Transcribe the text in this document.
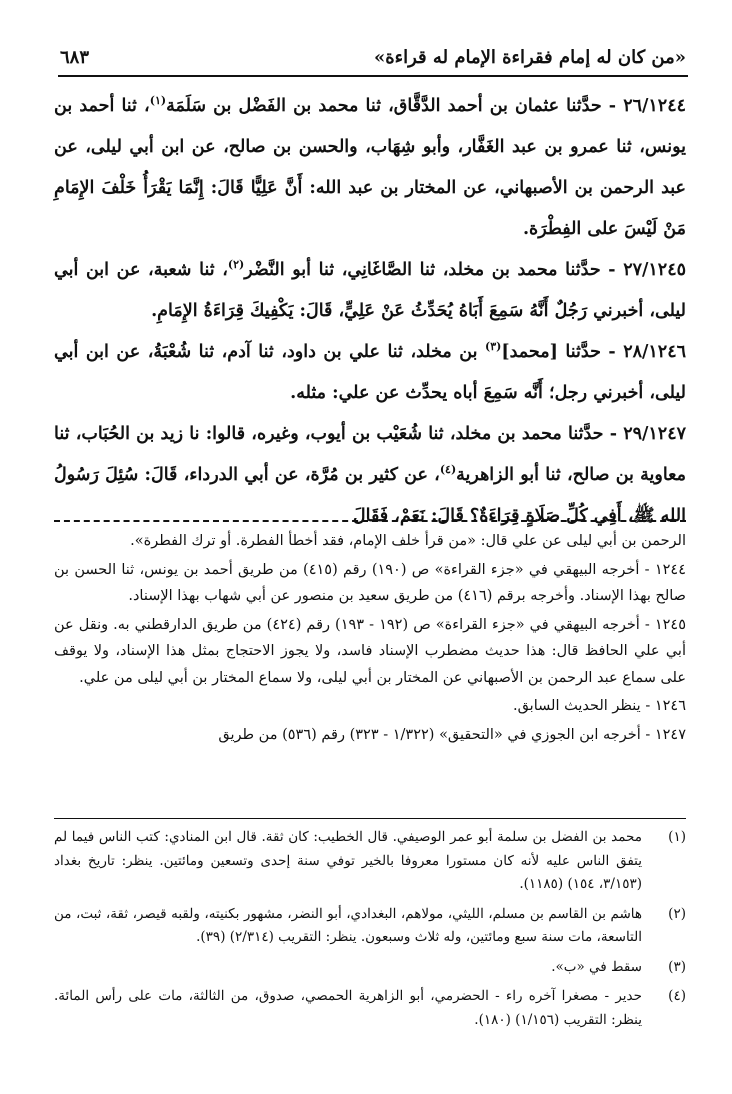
«من كان له إمام فقراءة الإمام له قراءة»
٦٨٣

٢٦/١٢٤٤ - حدَّثنا عثمان بن أحمد الدَّقَّاق، ثنا محمد بن الفَضْل بن سَلَمَة$^{(١)}$، ثنا أحمد بن يونس، ثنا عمرو بن عبد الغَفَّار، وأبو شِهَاب، والحسن بن صالح، عن ابن أبي ليلى، عن عبد الرحمن بن الأصبهاني، عن المختار بن عبد الله: أَنَّ عَلِيًّا قَالَ: إِنَّمَا يَقْرَأُ خَلْفَ الإِمَامِ مَنْ لَيْسَ على الفِطْرَة.

٢٧/١٢٤٥ - حدَّثنا محمد بن مخلد، ثنا الصَّاغَانِي، ثنا أبو النَّضْر$^{(٢)}$، ثنا شعبة، عن ابن أبي ليلى، أخبرني رَجُلٌ أَنَّهُ سَمِعَ أَبَاهُ يُحَدِّثُ عَنْ عَلِيٍّ، قَالَ: يَكْفِيكَ قِرَاءَةُ الإِمَامِ.

٢٨/١٢٤٦ - حدَّثنا [محمد]$^{(٣)}$ بن مخلد، ثنا علي بن داود، ثنا آدم، ثنا شُعْبَةُ، عن ابن أبي ليلى، أخبرني رجل؛ أَنَّه سَمِعَ أباه يحدِّث عن علي: مثله.

٢٩/١٢٤٧ - حدَّثنا محمد بن مخلد، ثنا شُعَيْب بن أيوب، وغيره، قالوا: نا زيد بن الحُبَاب، ثنا معاوية بن صالح، ثنا أبو الزاهرية$^{(٤)}$، عن كثير بن مُرَّة، عن أبي الدرداء، قَالَ: سُئِلَ رَسُولُ الله ﷺ، أَفِي كُلِّ صَلَاةٍ قِرَاءَةٌ؟ قَالَ: نَعَمْ، فَقَالَ

الرحمن بن أبي ليلى عن علي قال: «من قرأ خلف الإمام، فقد أخطأ الفطرة. أو ترك الفطرة».

١٢٤٤ - أخرجه البيهقي في «جزء القراءة» ص (١٩٠) رقم (٤١٥) من طريق أحمد بن يونس، ثنا الحسن بن صالح بهذا الإسناد. وأخرجه برقم (٤١٦) من طريق سعيد بن منصور عن أبي شهاب بهذا الإسناد.

١٢٤٥ - أخرجه البيهقي في «جزء القراءة» ص (١٩٢ - ١٩٣) رقم (٤٢٤) من طريق الدارقطني به. ونقل عن أبي علي الحافظ قال: هذا حديث مضطرب الإسناد فاسد، ولا يجوز الاحتجاج بمثل هذا الإسناد، ولا يوقف على سماع عبد الرحمن بن الأصبهاني عن المختار بن أبي ليلى، ولا سماع المختار بن أبي ليلى من علي.

١٢٤٦ - ينظر الحديث السابق.

١٢٤٧ - أخرجه ابن الجوزي في «التحقيق» (١/٣٢٢ - ٣٢٣) رقم (٥٣٦) من طريق

(١)
محمد بن الفضل بن سلمة أبو عمر الوصيفي. قال الخطيب: كان ثقة. قال ابن المنادي: كتب الناس فيما لم يتفق الناس عليه لأنه كان مستورا معروفا بالخير توفي سنة إحدى وتسعين ومائتين. ينظر: تاريخ بغداد (٣/١٥٣، ١٥٤) (١١٨٥).
(٢)
هاشم بن القاسم بن مسلم، الليثي، مولاهم، البغدادي، أبو النضر، مشهور بكنيته، ولقبه قيصر، ثقة، ثبت، من التاسعة، مات سنة سبع ومائتين، وله ثلاث وسبعون. ينظر: التقريب (٢/٣١٤) (٣٩).
(٣)
سقط في «ب».
(٤)
حدير - مصغرا آخره راء - الحضرمي، أبو الزاهرية الحمصي، صدوق، من الثالثة، مات على رأس المائة. ينظر: التقريب (١/١٥٦) (١٨٠).
